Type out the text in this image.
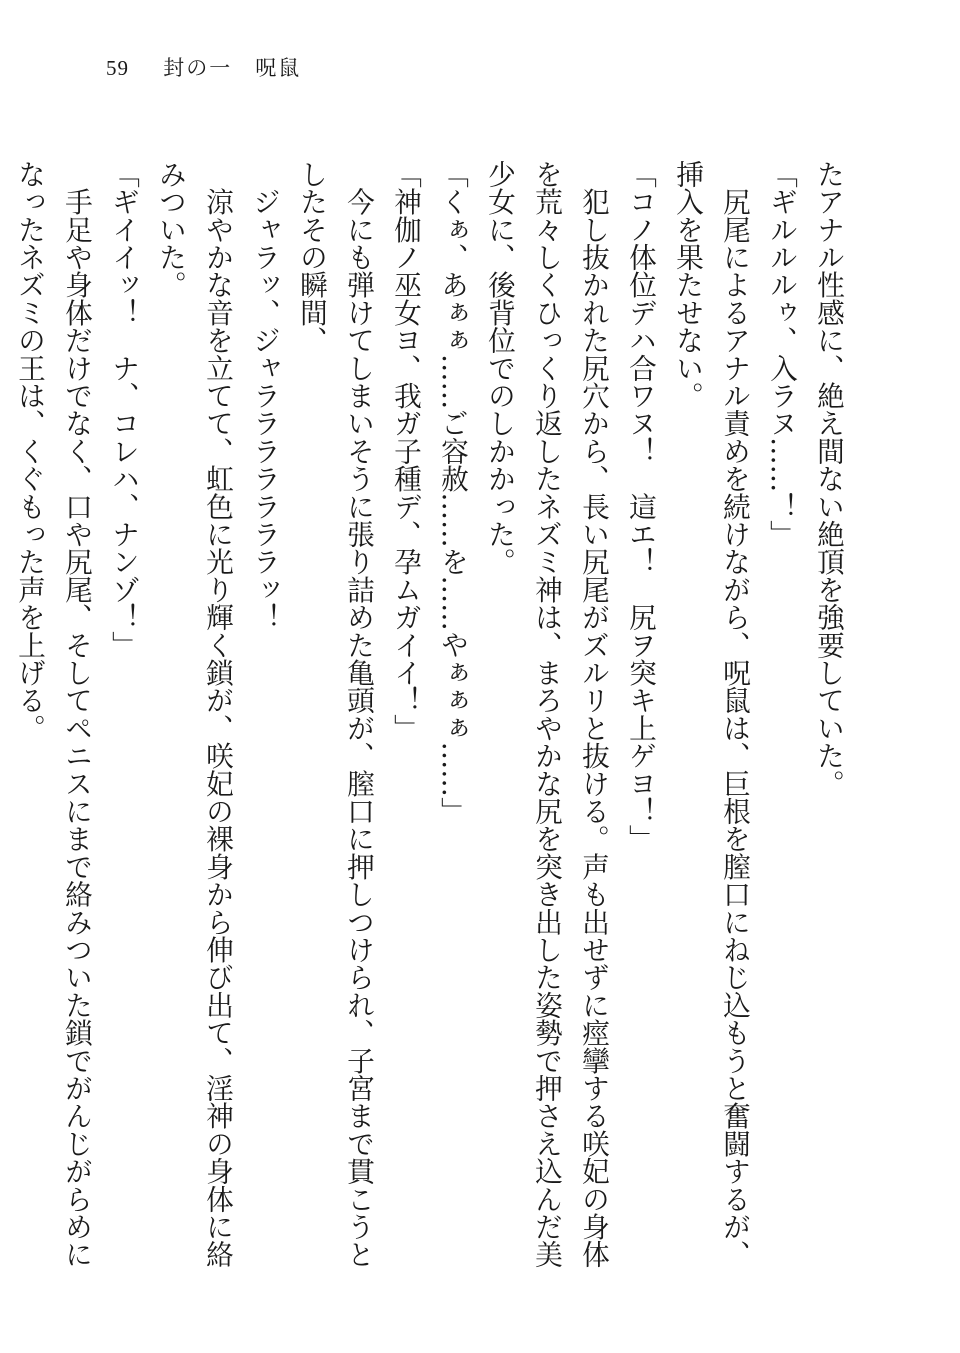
59 封の一　呪鼠

たアナル性感に、絶え間ない絶頂を強要していた。

「ギルルルゥ、入ラヌ……！」

　尻尾によるアナル責めを続けながら、呪鼠は、巨根を膣口にねじ込もうと奮闘するが、

挿入を果たせない。

「コノ体位デハ合ワヌ！　這エ！　尻ヲ突キ上ゲヨ！」

　犯し抜かれた尻穴から、長い尻尾がズルリと抜ける。声も出せずに痙攣する咲妃の身体

を荒々しくひっくり返したネズミ神は、まろやかな尻を突き出した姿勢で押さえ込んだ美

少女に、後背位でのしかかった。

「くぁ、あぁぁ……ご容赦……を……やぁぁぁ……」

「神伽ノ巫女ヨ、我ガ子種デ、孕ムガイイ！」

　今にも弾けてしまいそうに張り詰めた亀頭が、膣口に押しつけられ、子宮まで貫こうと

したその瞬間、

　ジャラッ、ジャラララララララッ！

　涼やかな音を立てて、虹色に光り輝く鎖が、咲妃の裸身から伸び出て、淫神の身体に絡

みついた。

「ギイイッ！　ナ、コレハ、ナンゾ！」

　手足や身体だけでなく、口や尻尾、そしてペニスにまで絡みついた鎖でがんじがらめに

なったネズミの王は、くぐもった声を上げる。
